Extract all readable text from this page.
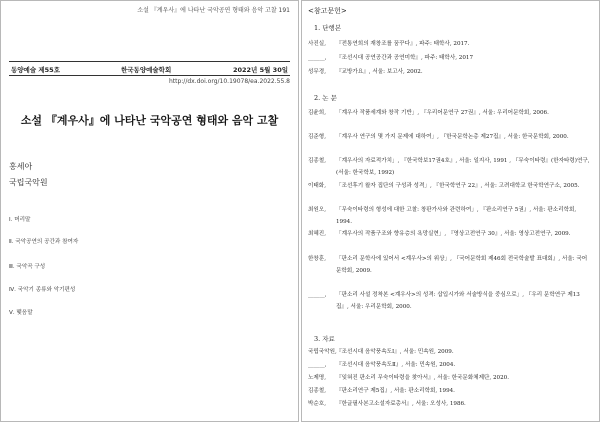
소설 『계우사』에 나타난 국악공연 형태와 음악 고찰 191
동양예술 제55호	한국동양예술학회	2022년 5월 30일
http://dx.doi.org/10.19078/ea.2022.55.8
소설 『계우사』에 나타난 국악공연 형태와 음악 고찰
홍세아
국립국악원
Ⅰ. 머리말
Ⅱ. 국악공연의 공간과 참여자
Ⅲ. 국악곡 구성
Ⅳ. 국악기 종류와 악기편성
Ⅴ. 맺음말
<참고문헌>
1. 단행본
사진실, 『전통연희의 재창조를 꿈꾸다』, 파주: 태학사, 2017.
______, 『조선시대 공연공간과 공연미학』, 파주: 태학사, 2017
성무경, 『교방가요』, 서울: 보고사, 2002.
2. 논 문
김윤희, 「계우사 작품세계와 창작 기반」, 『우리어문연구 27권』, 서울: 우리어문학회, 2006.
김준형, 「계우사 연구의 몇 가지 문제에 대하여」, 『한국문학논총 제27집』, 서울: 한국문학회, 2000.
김종철, 「계우사의 자료적가치」, 『한국학보17권4호』, 서울: 일지사, 1991 , 『무숙이타령』(한자타령)연구, (서울: 한국학보, 1992)
이태화, 「조선후기 왈자 집단의 구성과 성격」, 『한국학연구 22』, 서울: 고려대학교 한국학연구소, 2005.
최원오, 「무숙이타령의 형성에 대한 고찰: 창판가사와 관련하여」, 『판소리연구 5권』, 서울: 판소리학회, 1994.
최혜진, 「계우사의 작품구조와 향유층의 욕망실현」, 『영상고전연구 30』, 서울: 영상고전연구, 2009.
한창훈, 「판소리 문학사에 있어서 <계우사>의 위상」, 『국어문학회 제46회 전국학술발 표대회』, 서울: 국어문학회, 2009.
______, 「판소리 사설 정착본 <계우사>의 성격: 삽입시가와 서술방식을 중심으로」, 『우리 문학연구 제13집』, 서울: 우리문학회, 2000.
3. 자료
국립국악원,『조선시대 음악풍속도Ⅰ』, 서울: 민속원, 2009.
______, 『조선시대 음악풍속도Ⅱ』, 서울: 민속원, 2004.
노제명, 『잊혀진 판소리 무숙이타령을 찾아서』, 서울: 한국문화체제단, 2020.
김종철, 『판소리연구 제5집』, 서울: 판소리학회, 1994.
박순호, 『한글필사본고소설자료총서』, 서울: 오성사, 1986.
